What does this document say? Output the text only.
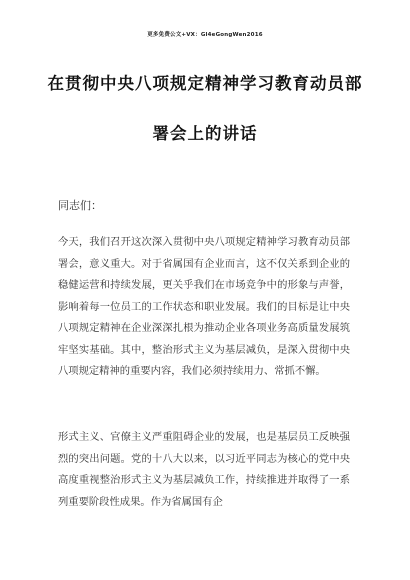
更多免费公文+VX：Gl4eGongWen2016
在贯彻中央八项规定精神学习教育动员部
署会上的讲话
同志们：

今天，我们召开这次深入贯彻中央八项规定精神学习教育动员部署会，意义重大。对于省属国有企业而言，这不仅关系到企业的稳健运营和持续发展，更关乎我们在市场竞争中的形象与声誉，影响着每一位员工的工作状态和职业发展。我们的目标是让中央八项规定精神在企业深深扎根为推动企业各项业务高质量发展筑牢坚实基础。其中，整治形式主义为基层减负，是深入贯彻中央八项规定精神的重要内容，我们必须持续用力、常抓不懈。

形式主义、官僚主义严重阻碍企业的发展，也是基层员工反映强烈的突出问题。党的十八大以来，以习近平同志为核心的党中央高度重视整治形式主义为基层减负工作，持续推进并取得了一系列重要阶段性成果。作为省属国有企
